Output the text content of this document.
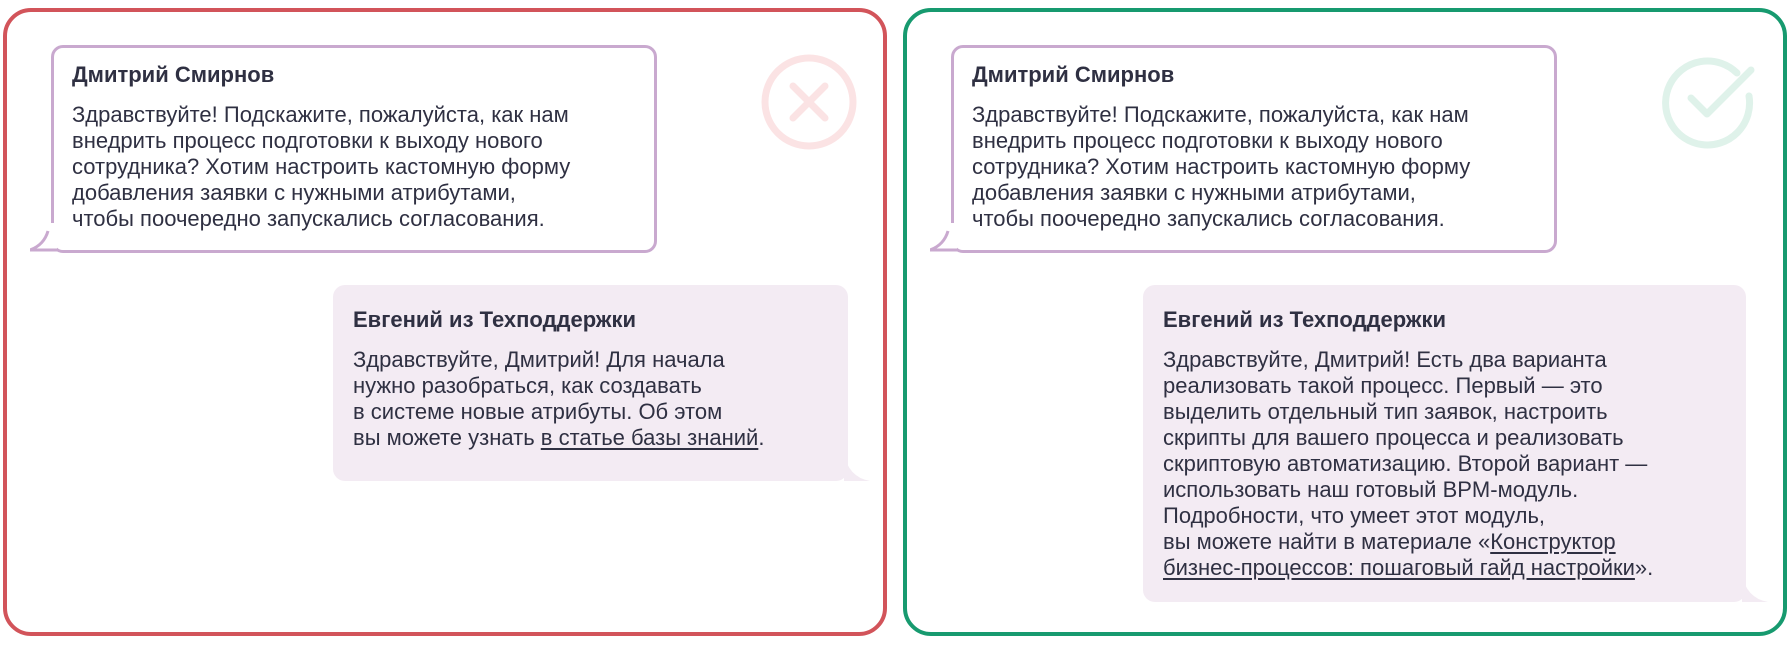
Дмитрий Смирнов
Здравствуйте! Подскажите, пожалуйста, как нам
внедрить процесс подготовки к выходу нового
сотрудника? Хотим настроить кастомную форму
добавления заявки с нужными атрибутами,
чтобы поочередно запускались согласования.
Евгений из Техподдержки
Здравствуйте, Дмитрий! Для начала
нужно разобраться, как создавать
в системе новые атрибуты. Об этом
вы можете узнать в статье базы знаний.
Дмитрий Смирнов
Здравствуйте! Подскажите, пожалуйста, как нам
внедрить процесс подготовки к выходу нового
сотрудника? Хотим настроить кастомную форму
добавления заявки с нужными атрибутами,
чтобы поочередно запускались согласования.
Евгений из Техподдержки
Здравствуйте, Дмитрий! Есть два варианта
реализовать такой процесс. Первый — это
выделить отдельный тип заявок, настроить
скрипты для вашего процесса и реализовать
скриптовую автоматизацию. Второй вариант —
использовать наш готовый BPM-модуль.
Подробности, что умеет этот модуль,
вы можете найти в материале «Конструктор
бизнес-процессов: пошаговый гайд настройки».
